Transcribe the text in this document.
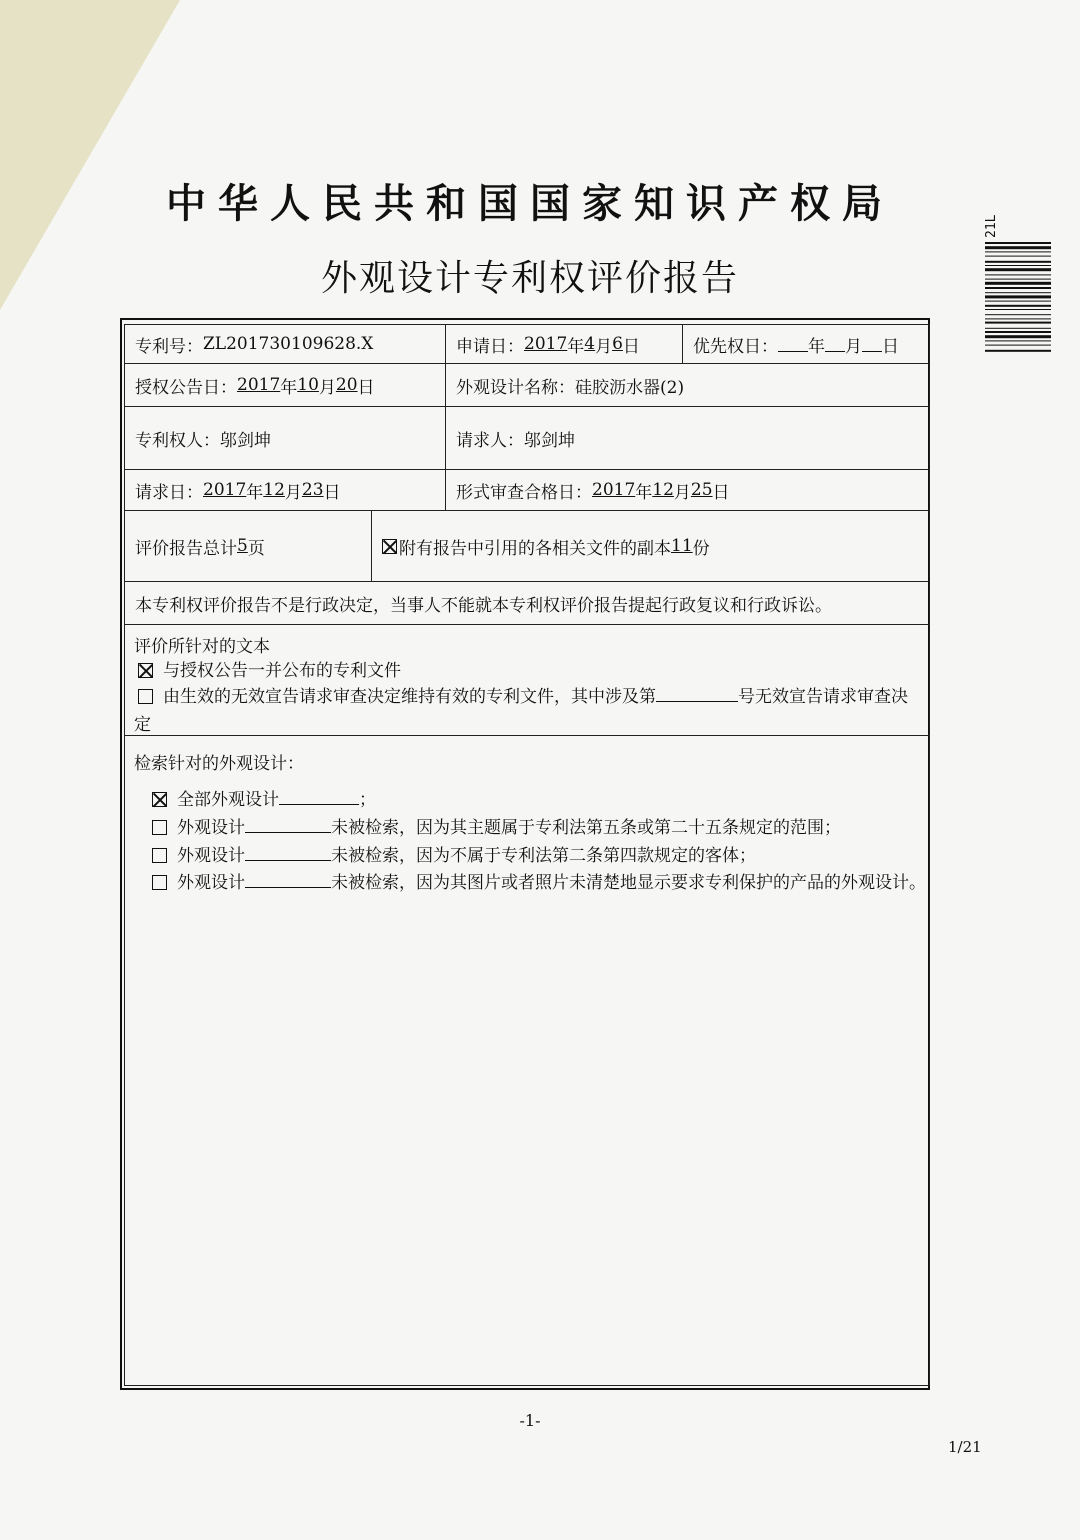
中华人民共和国国家知识产权局
外观设计专利权评价报告
21L
专利号： ZL201730109628.X	申请日： 2017 年 4 月 6 日	优先权日： 年 月 日
授权公告日： 2017 年 10 月 20 日	外观设计名称： 硅胶沥水器(2)
专利权人： 邬剑坤	请求人： 邬剑坤
请求日： 2017 年 12 月 23 日	形式审查合格日： 2017 年 12 月 25 日
评价报告总计 5 页	附有报告中引用的各相关文件的副本 11 份
本专利权评价报告不是行政决定，当事人不能就本专利权评价报告提起行政复议和行政诉讼。
评价所针对的文本
与授权公告一并公布的专利文件
由生效的无效宣告请求审查决定维持有效的专利文件，其中涉及第	号无效宣告请求审查决
定
检索针对的外观设计：
全部外观设计	；
外观设计	未被检索，因为其主题属于专利法第五条或第二十五条规定的范围；
外观设计	未被检索，因为不属于专利法第二条第四款规定的客体；
外观设计	未被检索，因为其图片或者照片未清楚地显示要求专利保护的产品的外观设计。
-1-
1/21
